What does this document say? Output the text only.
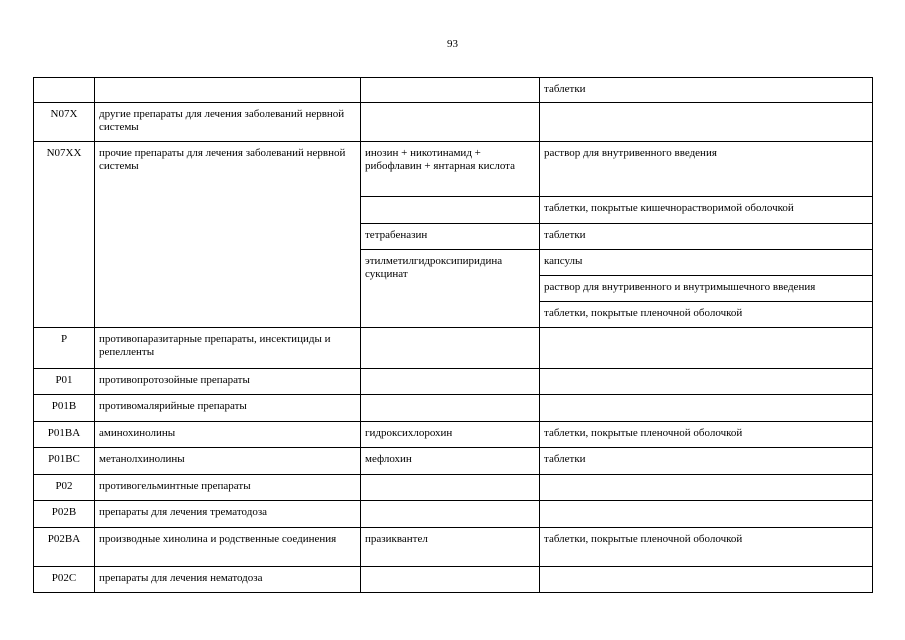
93
			таблетки
N07X	другие препараты для лечения заболеваний нервной системы		
N07XX	прочие препараты для лечения заболеваний нервной системы	инозин + никотинамид + рибофлавин + янтарная кислота	раствор для внутривенного введения
			таблетки, покрытые кишечнорастворимой оболочкой
		тетрабеназин	таблетки
		этилметилгидроксипиридина сукцинат	капсулы
			раствор для внутривенного и внутримышечного введения
			таблетки, покрытые пленочной оболочкой
P	противопаразитарные препараты, инсектициды и репелленты		
P01	противопротозойные препараты		
P01B	противомалярийные препараты		
P01BA	аминохинолины	гидроксихлорохин	таблетки, покрытые пленочной оболочкой
P01BC	метанолхинолины	мефлохин	таблетки
P02	противогельминтные препараты		
P02B	препараты для лечения трематодоза		
P02BA	производные хинолина и родственные соединения	празиквантел	таблетки, покрытые пленочной оболочкой
P02C	препараты для лечения нематодоза		
